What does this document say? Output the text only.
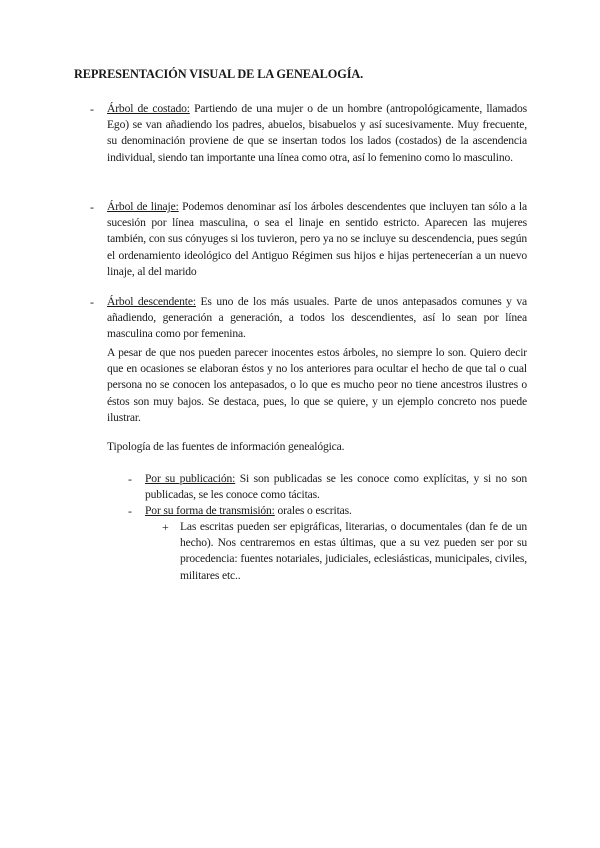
REPRESENTACIÓN VISUAL DE LA GENEALOGÍA.
- Árbol de costado: Partiendo de una mujer o de un hombre (antropológicamente, llamados Ego) se van añadiendo los padres, abuelos, bisabuelos y así sucesivamente. Muy frecuente, su denominación proviene de que se insertan todos los lados (costados) de la ascendencia individual, siendo tan importante una línea como otra, así lo femenino como lo masculino.
- Árbol de linaje: Podemos denominar así los árboles descendentes que incluyen tan sólo a la sucesión por línea masculina, o sea el linaje en sentido estricto. Aparecen las mujeres también, con sus cónyuges si los tuvieron, pero ya no se incluye su descendencia, pues según el ordenamiento ideológico del Antiguo Régimen sus hijos e hijas pertenecerían a un nuevo linaje, al del marido
- Árbol descendente: Es uno de los más usuales. Parte de unos antepasados comunes y va añadiendo, generación a generación, a todos los descendientes, así lo sean por línea masculina como por femenina.
A pesar de que nos pueden parecer inocentes estos árboles, no siempre lo son. Quiero decir que en ocasiones se elaboran éstos y no los anteriores para ocultar el hecho de que tal o cual persona no se conocen los antepasados, o lo que es mucho peor no tiene ancestros ilustres o éstos son muy bajos. Se destaca, pues, lo que se quiere, y un ejemplo concreto nos puede ilustrar.
Tipología de las fuentes de información genealógica.
- Por su publicación: Si son publicadas se les conoce como explícitas, y si no son publicadas, se les conoce como tácitas.
- Por su forma de transmisión: orales o escritas.
+ Las escritas pueden ser epigráficas, literarias, o documentales (dan fe de un hecho). Nos centraremos en estas últimas, que a su vez pueden ser por su procedencia: fuentes notariales, judiciales, eclesiásticas, municipales, civiles, militares etc..
